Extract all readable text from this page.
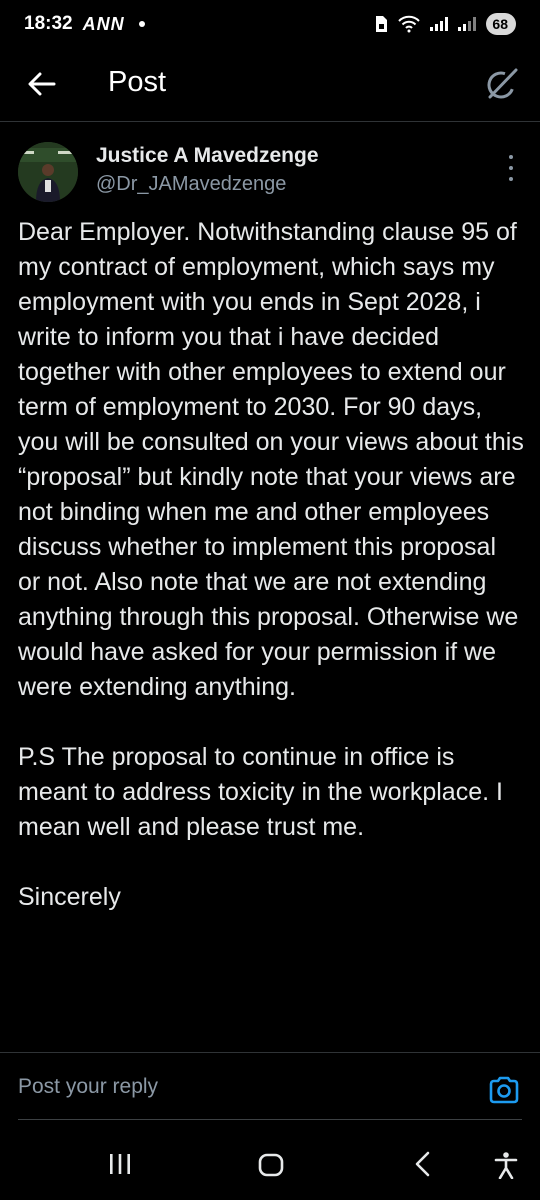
18:32 ANN	68
Post
Justice A Mavedzenge
@Dr_JAMavedzenge
Dear Employer. Notwithstanding clause 95 of my contract of employment, which says my employment with you ends in Sept 2028, i write to inform you that i have decided together with other employees to extend our term of employment to 2030. For 90 days, you will be consulted on your views about this “proposal” but kindly note that your views are not binding when me and other employees discuss whether to implement this proposal or not. Also note that we are not extending anything through this proposal. Otherwise we would have asked for your permission if we were extending anything.

P.S The proposal to continue in office is meant to address toxicity in the workplace. I mean well and please trust me.

Sincerely
Post your reply
